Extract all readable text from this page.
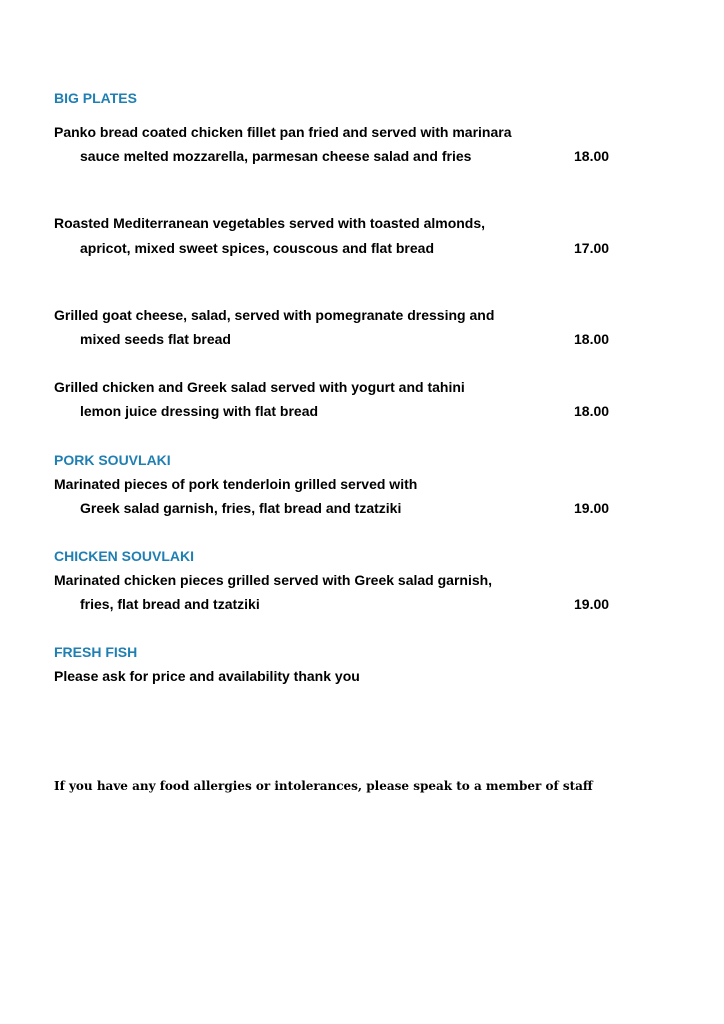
BIG PLATES
Panko bread coated chicken fillet pan fried and served with marinara
sauce melted mozzarella, parmesan cheese salad and fries	18.00
Roasted Mediterranean vegetables served with toasted almonds,
apricot, mixed sweet spices, couscous and flat bread	17.00
Grilled goat cheese, salad, served with pomegranate dressing and
mixed seeds flat bread	18.00
Grilled chicken and Greek salad served with yogurt and tahini
lemon juice dressing with flat bread	18.00
PORK SOUVLAKI
Marinated pieces of pork tenderloin grilled served with
Greek salad garnish, fries, flat bread and tzatziki	19.00
CHICKEN SOUVLAKI
Marinated chicken pieces grilled served with Greek salad garnish,
fries, flat bread and tzatziki	19.00
FRESH FISH
Please ask for price and availability thank you
If you have any food allergies or intolerances, please speak to a member of staff
